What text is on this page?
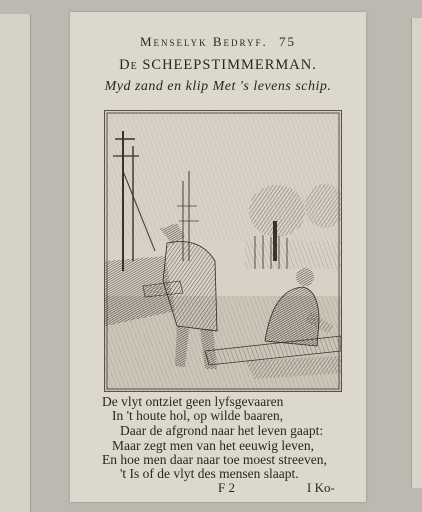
Menselyk Bedryf. 75
De SCHEEPSTIMMERMAN.
Myd zand en klip Met 's levens schip.
De vlyt ontziet geen lyfsgevaaren
In 't houte hol, op wilde baaren,
Daar de afgrond naar het leven gaapt:
Maar zegt men van het eeuwig leven,
En hoe men daar naar toe moest streeven,
't Is of de vlyt des mensen slaapt.
F 2	I Ko-
